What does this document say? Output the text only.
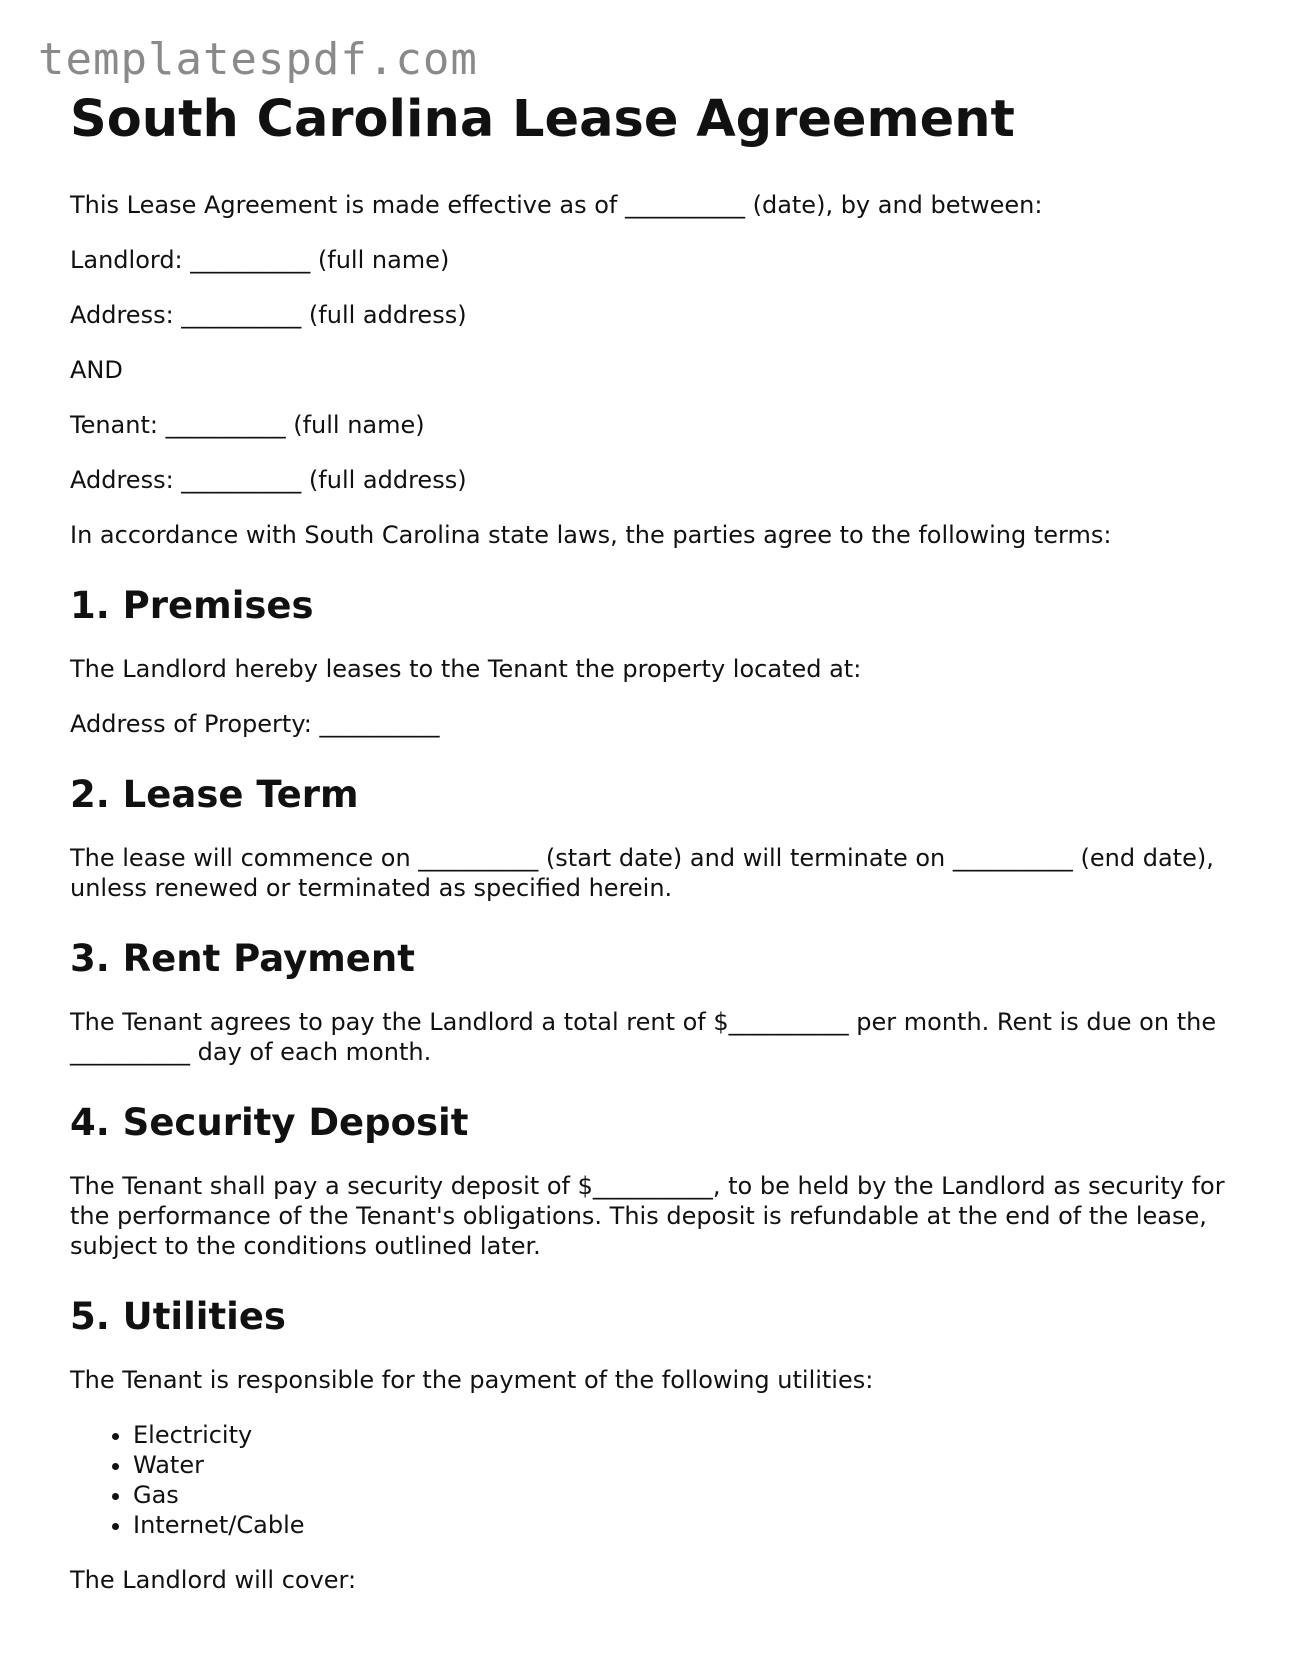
templatespdf.com
South Carolina Lease Agreement

This Lease Agreement is made effective as of __________ (date), by and between:

Landlord: __________ (full name)

Address: __________ (full address)

AND

Tenant: __________ (full name)

Address: __________ (full address)

In accordance with South Carolina state laws, the parties agree to the following terms:

1. Premises

The Landlord hereby leases to the Tenant the property located at:

Address of Property: __________

2. Lease Term

The lease will commence on __________ (start date) and will terminate on __________ (end date), unless renewed or terminated as specified herein.

3. Rent Payment

The Tenant agrees to pay the Landlord a total rent of $__________ per month. Rent is due on the __________ day of each month.

4. Security Deposit

The Tenant shall pay a security deposit of $__________, to be held by the Landlord as security for the performance of the Tenant's obligations. This deposit is refundable at the end of the lease, subject to the conditions outlined later.

5. Utilities

The Tenant is responsible for the payment of the following utilities:

• Electricity
• Water
• Gas
• Internet/Cable

The Landlord will cover:
